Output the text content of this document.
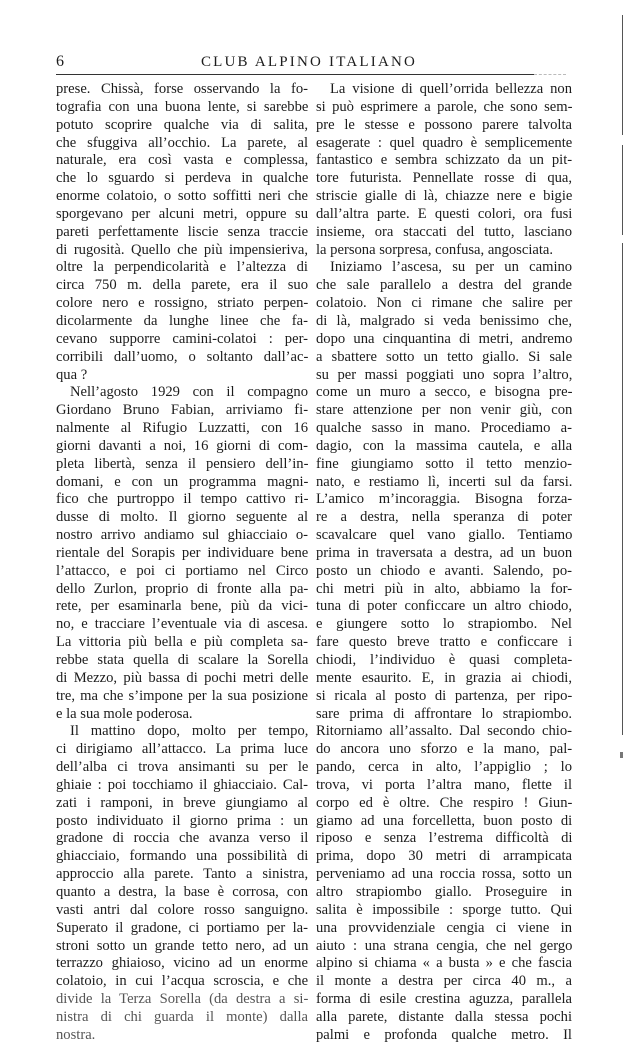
6	CLUB ALPINO ITALIANO
prese. Chissà, forse osservando la fo-
tografia con una buona lente, si sarebbe
potuto scoprire qualche via di salita,
che sfuggiva all’occhio. La parete, al
naturale, era così vasta e complessa,
che lo sguardo si perdeva in qualche
enorme colatoio, o sotto soffitti neri che
sporgevano per alcuni metri, oppure su
pareti perfettamente liscie senza traccie
di rugosità. Quello che più impensieriva,
oltre la perpendicolarità e l’altezza di
circa 750 m. della parete, era il suo
colore nero e rossigno, striato perpen-
dicolarmente da lunghe linee che fa-
cevano supporre camini-colatoi : per-
corribili dall’uomo, o soltanto dall’ac-
qua ?
Nell’agosto 1929 con il compagno
Giordano Bruno Fabian, arriviamo fi-
nalmente al Rifugio Luzzatti, con 16
giorni davanti a noi, 16 giorni di com-
pleta libertà, senza il pensiero dell’in-
domani, e con un programma magni-
fico che purtroppo il tempo cattivo ri-
dusse di molto. Il giorno seguente al
nostro arrivo andiamo sul ghiacciaio o-
rientale del Sorapis per individuare bene
l’attacco, e poi ci portiamo nel Circo
dello Zurlon, proprio di fronte alla pa-
rete, per esaminarla bene, più da vici-
no, e tracciare l’eventuale via di ascesa.
La vittoria più bella e più completa sa-
rebbe stata quella di scalare la Sorella
di Mezzo, più bassa di pochi metri delle
tre, ma che s’impone per la sua posizione
e la sua mole poderosa.
Il mattino dopo, molto per tempo,
ci dirigiamo all’attacco. La prima luce
dell’alba ci trova ansimanti su per le
ghiaie : poi tocchiamo il ghiacciaio. Cal-
zati i ramponi, in breve giungiamo al
posto individuato il giorno prima : un
gradone di roccia che avanza verso il
ghiacciaio, formando una possibilità di
approccio alla parete. Tanto a sinistra,
quanto a destra, la base è corrosa, con
vasti antri dal colore rosso sanguigno.
Superato il gradone, ci portiamo per la-
stroni sotto un grande tetto nero, ad un
terrazzo ghiaioso, vicino ad un enorme
colatoio, in cui l’acqua scroscia, e che
divide la Terza Sorella (da destra a si-
nistra di chi guarda il monte) dalla
nostra.
La visione di quell’orrida bellezza non
si può esprimere a parole, che sono sem-
pre le stesse e possono parere talvolta
esagerate : quel quadro è semplicemente
fantastico e sembra schizzato da un pit-
tore futurista. Pennellate rosse di qua,
striscie gialle di là, chiazze nere e bigie
dall’altra parte. E questi colori, ora fusi
insieme, ora staccati del tutto, lasciano
la persona sorpresa, confusa, angosciata.
Iniziamo l’ascesa, su per un camino
che sale parallelo a destra del grande
colatoio. Non ci rimane che salire per
di là, malgrado si veda benissimo che,
dopo una cinquantina di metri, andremo
a sbattere sotto un tetto giallo. Si sale
su per massi poggiati uno sopra l’altro,
come un muro a secco, e bisogna pre-
stare attenzione per non venir giù, con
qualche sasso in mano. Procediamo a-
dagio, con la massima cautela, e alla
fine giungiamo sotto il tetto menzio-
nato, e restiamo lì, incerti sul da farsi.
L’amico m’incoraggia. Bisogna forza-
re a destra, nella speranza di poter
scavalcare quel vano giallo. Tentiamo
prima in traversata a destra, ad un buon
posto un chiodo e avanti. Salendo, po-
chi metri più in alto, abbiamo la for-
tuna di poter conficcare un altro chiodo,
e giungere sotto lo strapiombo. Nel
fare questo breve tratto e conficcare i
chiodi, l’individuo è quasi completa-
mente esaurito. E, in grazia ai chiodi,
si ricala al posto di partenza, per ripo-
sare prima di affrontare lo strapiombo.
Ritorniamo all’assalto. Dal secondo chio-
do ancora uno sforzo e la mano, pal-
pando, cerca in alto, l’appiglio ; lo
trova, vi porta l’altra mano, flette il
corpo ed è oltre. Che respiro ! Giun-
giamo ad una forcelletta, buon posto di
riposo e senza l’estrema difficoltà di
prima, dopo 30 metri di arrampicata
perveniamo ad una roccia rossa, sotto un
altro strapiombo giallo. Proseguire in
salita è impossibile : sporge tutto. Qui
una provvidenziale cengia ci viene in
aiuto : una strana cengia, che nel gergo
alpino si chiama « a busta » e che fascia
il monte a destra per circa 40 m., a
forma di esile crestina aguzza, parallela
alla parete, distante dalla stessa pochi
palmi e profonda qualche metro. Il
